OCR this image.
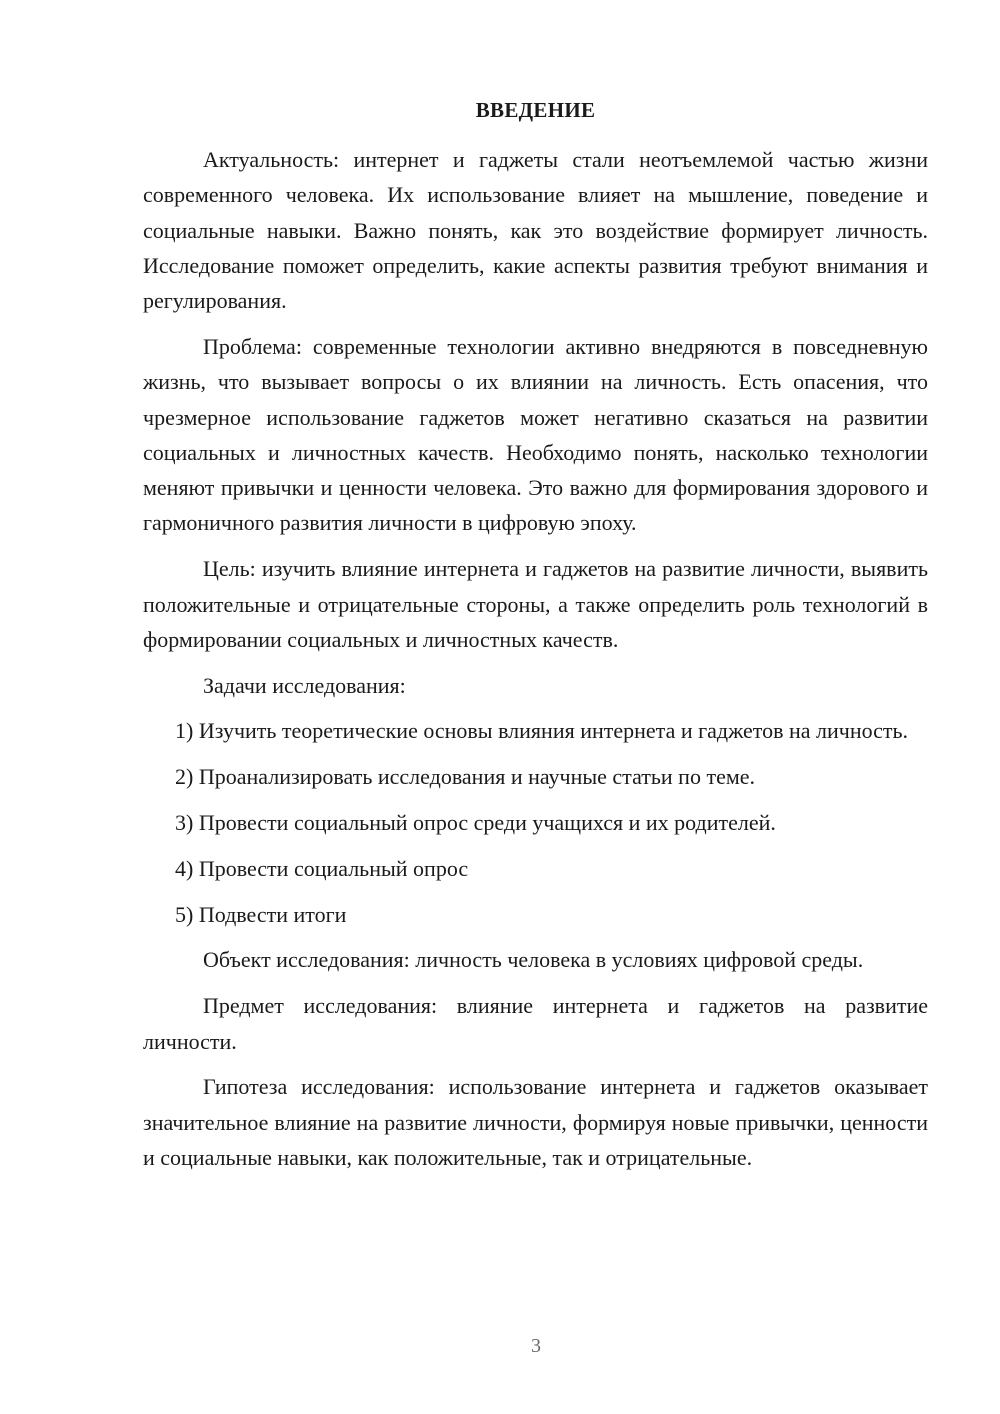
ВВЕДЕНИЕ

Актуальность: интернет и гаджеты стали неотъемлемой частью жизни современного человека. Их использование влияет на мышление, поведение и социальные навыки. Важно понять, как это воздействие формирует личность. Исследование поможет определить, какие аспекты развития требуют внимания и регулирования.

Проблема: современные технологии активно внедряются в повседневную жизнь, что вызывает вопросы о их влиянии на личность. Есть опасения, что чрезмерное использование гаджетов может негативно сказаться на развитии социальных и личностных качеств. Необходимо понять, насколько технологии меняют привычки и ценности человека. Это важно для формирования здорового и гармоничного развития личности в цифровую эпоху.

Цель: изучить влияние интернета и гаджетов на развитие личности, выявить положительные и отрицательные стороны, а также определить роль технологий в формировании социальных и личностных качеств.

Задачи исследования:

1) Изучить теоретические основы влияния интернета и гаджетов на личность.

2) Проанализировать исследования и научные статьи по теме.

3) Провести социальный опрос среди учащихся и их родителей.

4) Провести социальный опрос

5) Подвести итоги

Объект исследования: личность человека в условиях цифровой среды.

Предмет исследования: влияние интернета и гаджетов на развитие личности.

Гипотеза исследования: использование интернета и гаджетов оказывает значительное влияние на развитие личности, формируя новые привычки, ценности и социальные навыки, как положительные, так и отрицательные.

3
